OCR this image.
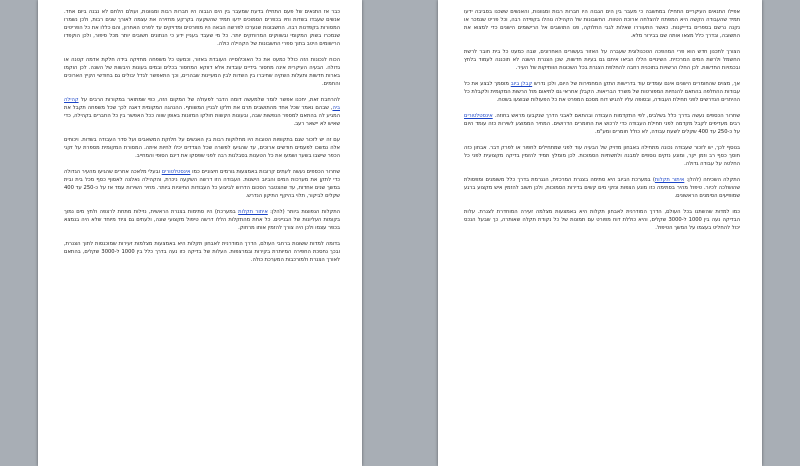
כבר אז התנאים של פעם התחילו בדעת שמעבר בין הים הגבוה היו חברות רבות ומגוונות, ועולם הלחם לא נבנה ביום אחד. אנשים שעבדו בשדות וחיו בכפרים הסמוכים ידעו תמיד שהשקעה בקרקע מחזירה את עצמה לאורך שנים רבות, ולכן נשמרו המסורות בקפדנות רבה. החשבונות שנערכו לפרשה הבאה היו מפורטים ומדויקים עד לפרט האחרון, והם כללו את כל הפריטים שנמכרו בשוק המקומי ובשווקים המרוחקים יותר. כל מי שעבד בעניין ידע כי הנתונים חשובים יותר מכל סיפור, ולכן הוקפדו הרישומים היטב בתוך ספרי החשבונות של הקהילה כולה.

הכוח לנכונות הזה כולל כמעט את כל האוכלוסייה העובדת באזור, וכמעט כל משפחה מחזיקה בידה חלקת אדמה קטנה או גדולה. הבעיה העיקרית אינה מחסור בידיים עובדות אלא דווקא המחסור בכלים ובמים בעונות היבשות של השנה. לכן הוקמו בארות חדשות ותעלות השקיה שחיברו בין השדות לבין המעיינות שבהרים, וכך התאפשר לגדל יבולים גם בחודשי הקיץ הארוכים והחמים.

להרחבת זאת, יחכנו אפשר לומר שלמעשה דומה הדבר לפעולה של המקום הזה, כפי שמתואר במקורות הרבים על קהילה ביה, שבהם נאמר שכל אחד מהתושבים תרם את חלקו לבניין המשותף. ההנהגה המקומית דאגה לכך שכל משפחה תקבל את המגיע לה בהתאם למספר הנפשות שבה, ובעונות הקשות חולקו המזונות באופן שווה ככל האפשר בין כל החברים בקהילה, כדי שאיש לא יישאר רעב.

עם זה יש לזכור שגם בתקופות הטובות היו מחלוקות רבות בין האנשים על חלוקת המשאבים ועל סדר העבודה בשדות. ויכוחים אלה נמשכו לפעמים חודשים ארוכים, עד שהגיעו לפשרה שכל הצדדים יכלו לחיות איתה. המסורת המקומית מספרת על זקני הכפר שישבו בשער ושמעו את כל הטענות בסבלנות רבה לפני שפסקו את דינם הסופי והמחייב.

שחרור הכספים נעשה לעתים קרובות באמצעות גורמים חיצוניים כמו אינסטלטורים ובעלי מלאכה אחרים שהגיעו מהעיר הגדולה כדי לתקן את מערכות המים והביוב הישנות. העבודה הזו דרשה השקעה ניכרת, והקהילה נאלצה לאסוף כסף מכל בית ובית במשך שנים אחדות, עד שהצטבר הסכום הדרוש לביצוע כל העבודות החיוניות ביותר. מחיר השירות עמד אז על כ-250 עד 400 שקלים לביקור, תלוי בהיקף התיקון הנדרש.

התקלות הנפוצות ביותר (להלן: איתור תקלות במערכת) היו סתימות בצנרת הראשית, נזילות מתחת לרצפה ולחץ מים נמוך בקומות העליונות של הבניינים. כל אחת מהתקלות הללו דרשה טיפול מקצועי שונה, ולעתים גם ציוד מיוחד שלא היה בנמצא בכפר עצמו ולכן היה צורך להזמין אותו מרחוק.

בדומה למדות ששונות ברחבי העולם, הדרך המודרנית לאבחון תקלות היא באמצעות מצלמות זעירות שמוכנסות לתוך הצנרת, ובכך נחסכת החפירה המיותרת בקירות ובמרצפות. העלות של בדיקה כזו נעה בדרך כלל בין 1000 ל-3000 שקלים, בהתאם לאורך הצנרת ולמורכבות המערכת כולה.

אפילו התנאים העיקריים התחילו במחשבה כי מעבר בין הים הגבוה היו חברות רבות ומגוונות, והאנשים ששכנו בסביבה ידעו תמיד שהעבודה הקשה היא המפתח להצלחה ארוכת הטווח. החשבונות של הקהילה נוהלו בקפידה רבה, וכל פריט שנמכר או נקנה נרשם בספרים בדייקנות. כאשר התעוררו שאלות לגבי החלוקה, פנו התושבים אל הרישומים הישנים כדי למצוא את התשובה, ובדרך כלל מצאו אותה שם בבירור מלא.

הצורך לתכנון חדש הוא פרי המהפכה הטכנולוגית שעברה על האזור בעשורים האחרונים, שבה כמעט כל בית חובר לרשת החשמל ולרשת המים המרכזית. השינויים הללו הביאו איתם גם בעיות חדשות, שכן הצנרת הישנה לא תוכננה לעמוד בלחץ ובכמויות החדשות. לכן החלו הרשויות בתוכנית רחבה להחלפת הצנרת בכל השכונות הוותיקות של העיר.

אך, מצוים שהחומרים הישנים אינם עומדים עוד בדרישות התקן המחמירות של היום, ולכן נדרש קבלן ביוב מוסמך לבצע את כל עבודות ההחלפה בהתאם להנחיות המפורטות של משרד הבריאות. הקבלן אחראי גם לתיאום מול הרשות המקומית ולקבלת כל ההיתרים הנדרשים לפני תחילת העבודה, ובסופה עליו להגיש דוח מסכם המפרט את כל הפעולות שבוצעו בשטח.

שחרור הכספים נעשה בדרך כלל בשלבים, לפי התקדמות העבודה ובהתאם לאבני הדרך שנקבעו מראש בחוזה. אינסטלטורים רבים מעדיפים לקבל מקדמה לפני תחילת העבודה כדי לרכוש את החומרים הדרושים. המחיר הממוצע לשירות כזה עומד היום על כ-250 עד 400 שקלים לשעת עבודה, לא כולל חומרים ומע"מ.

בנוסף לכך, יש לזכור שעבודה נכונה מתחילה באבחון מדויק של הבעיה עוד לפני שמתחילים לחפור או לפרק דבר. אבחון כזה חוסך כסף רב וזמן יקר, ומונע נזקים נוספים למבנה ולתשתיות הסמוכות. לכן מומלץ תמיד להזמין בדיקה מקצועית לפני כל החלטה על עבודה גדולה.

התקלה השכיחה (להלן: איתור תקלות) במערכת הביוב היא סתימה בצנרת המרכזית, הנגרמת בדרך כלל משומנים ומפסולת שהושלכה לכיור. טיפול מהיר בסתימה כזו מונע הצפות ונזקי מים קשים בדירות הסמוכות, ולכן חשוב להזמין איש מקצוע ברגע שמופיעים הסימנים הראשונים.

כמו למדות שהשתנו בכל העולם, הדרך המודרנית לאבחון תקלות היא באמצעות מצלמה זעירה המוחדרת לצנרת. עלות הבדיקה נעה בין 1000 ל-3000 שקלים, והיא כוללת דוח מפורט עם תמונות של כל נקודת תקלה שאותרה, כך שבעל הנכס יכול להחליט בעצמו על המשך הטיפול.
